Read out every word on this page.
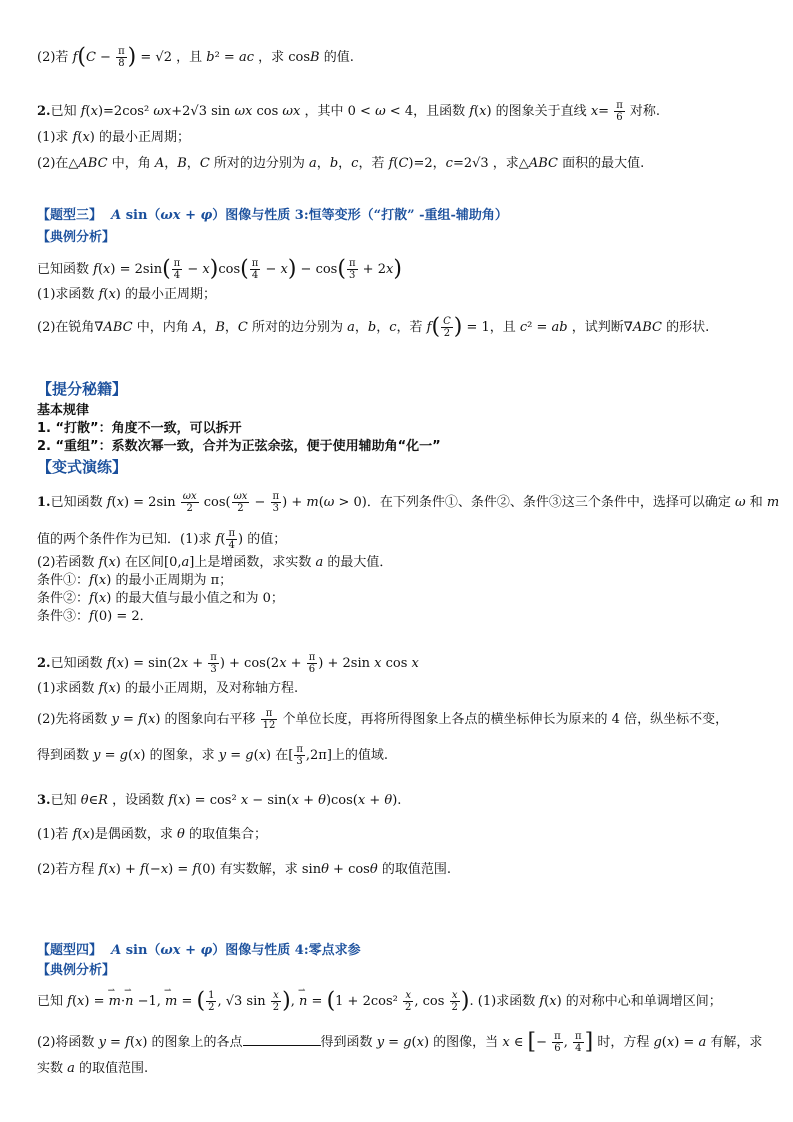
(2)若 $f(C - \frac{\pi}{8}$ ) = √2 ，且 b² = ac ，求 cosB 的值.
2.已知 f(x)=2cos² ωx+2√3 sin ωx cos ωx ，其中 0 < ω < 4，且函数 f(x) 的图象关于直线 $x= \frac{\pi}{6}$ 对称.
(1)求 f(x) 的最小正周期；
(2)在△ABC 中，角 A，B，C 所对的边分别为 a，b，c，若 f(C)=2，c=2√3 ，求△ABC 面积的最大值.
【题型三】 A sin（ωx + φ）图像与性质 3:恒等变形（“打散” -重组-辅助角）
【典例分析】
已知函数 $f(x) = 2\sin( \frac{\pi}{4} - x)\cos( \frac{\pi}{4} - x) - \cos( \frac{\pi}{3} + 2x)$
(1)求函数 f(x) 的最小正周期；
(2)在锐角∇ABC 中，内角 A，B，C 所对的边分别为 a，b，c，若 $f( \frac{C}{2}$ ) = 1，且 c² = ab ，试判断∇ABC 的形状.
【提分秘籍】
基本规律
1. “打散”：角度不一致，可以拆开
2. “重组”：系数次幂一致，合并为正弦余弦，便于使用辅助角“化一”
【变式演练】
1.已知函数 $f(x) = 2\sin \frac{\omega x}{2} \cos( \frac{\omega x}{2} - \frac{\pi}{3}$ ) + m(ω > 0)．在下列条件①、条件②、条件③这三个条件中，选择可以确定 ω 和 m
值的两个条件作为已知．(1)求 $f( \frac{\pi}{4}$ ) 的值；
(2)若函数 f(x) 在区间[0,a]上是增函数，求实数 a 的最大值．
条件①：f(x) 的最小正周期为 π；
条件②：f(x) 的最大值与最小值之和为 0；
条件③：f(0) = 2．
2.已知函数 $f(x) = \sin(2x + \frac{\pi}{3}$ ) + $\cos(2x + \frac{\pi}{6}$ ) + 2sin x cos x
(1)求函数 f(x) 的最小正周期，及对称轴方程.
(2)先将函数 y = f(x) 的图象向右平移 $\frac{\pi}{12}$ 个单位长度，再将所得图象上各点的横坐标伸长为原来的 4 倍，纵坐标不变，
得到函数 y = g(x) 的图象，求 y = g(x) 在[ $\frac{\pi}{3} ,2\pi$]上的值域.
3.已知 θ∈R ，设函数 f(x) = cos² x − sin(x + θ)cos(x + θ).
(1)若 f(x)是偶函数，求 θ 的取值集合；
(2)若方程 f(x) + f(−x) = f(0) 有实数解，求 sinθ + cosθ 的取值范围.
【题型四】 A sin（ωx + φ）图像与性质 4:零点求参
【典例分析】
已知 f(x) = ⇀ m·⇀ n −1, ⇀ m = ( $\frac{1}{2}$ , √3 $\sin \frac{x}{2}$ ), ⇀ $n = (1 + 2\cos^2 \frac{x}{2}$ , $\cos \frac{x}{2}$ ). (1)求函数 f(x) 的对称中心和单调增区间；
(2)将函数 y = f(x) 的图象上的各点	得到函数 y = g(x) 的图像，当 x ∈ [− $\frac{\pi}{6}$ , $\frac{\pi}{4}$ ] 时，方程 g(x) = a 有解，求
实数 a 的取值范围.
